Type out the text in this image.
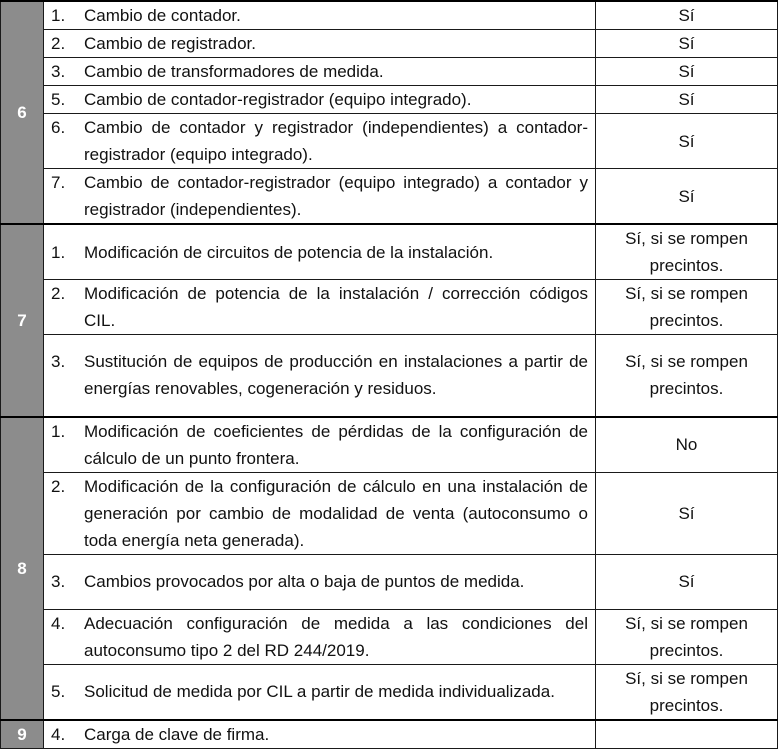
6	1. Cambio de contador.	Sí

	2. Cambio de registrador.	Sí

	3. Cambio de transformadores de medida.	Sí

	5. Cambio de contador-registrador (equipo integrado).	Sí

	6. Cambio de contador y registrador (independientes) a contador-registrador (equipo integrado).	Sí

	7. Cambio de contador-registrador (equipo integrado) a contador y registrador (independientes).	Sí
7	1. Modificación de circuitos de potencia de la instalación.	Sí, si se rompen precintos.

	2. Modificación de potencia de la instalación / corrección códigos CIL.	Sí, si se rompen precintos.

	3. Sustitución de equipos de producción en instalaciones a partir de energías renovables, cogeneración y residuos.	Sí, si se rompen precintos.
8	1. Modificación de coeficientes de pérdidas de la configuración de cálculo de un punto frontera.	No

	2. Modificación de la configuración de cálculo en una instalación de generación por cambio de modalidad de venta (autoconsumo o toda energía neta generada).	Sí

	3. Cambios provocados por alta o baja de puntos de medida.	Sí

	4. Adecuación configuración de medida a las condiciones del autoconsumo tipo 2 del RD 244/2019.	Sí, si se rompen precintos.

	5. Solicitud de medida por CIL a partir de medida individualizada.	Sí, si se rompen precintos.
9	4. Carga de clave de firma.	
